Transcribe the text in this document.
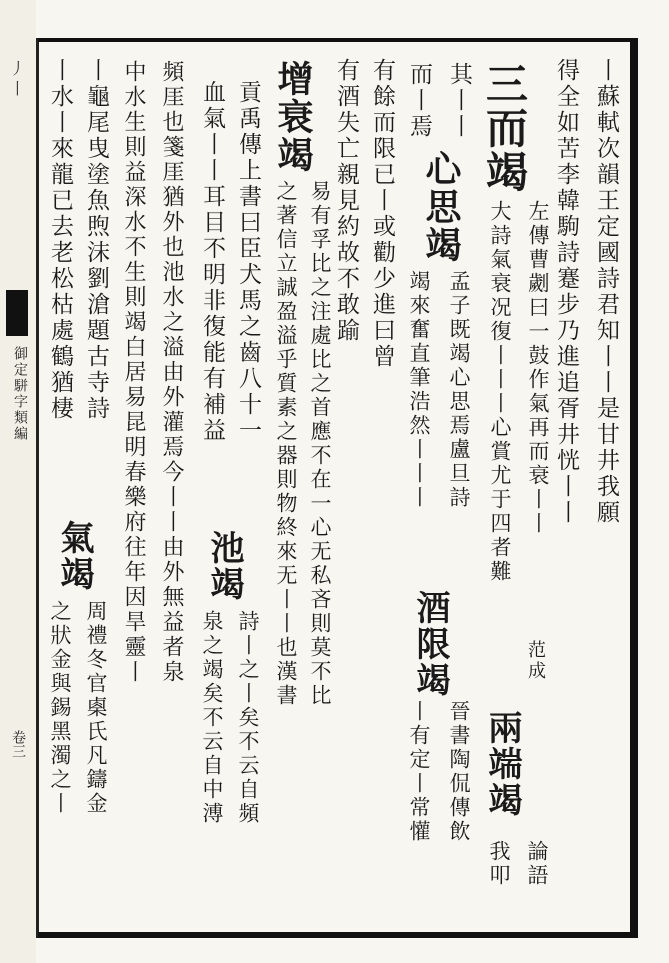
丿丨
御定駢字類編
卷三
丨蘇軾次韻王定國詩君知丨丨是甘井我願
得全如苦李韓駒詩蹇步乃進追胥井恍丨丨
三而竭
左傳曹劌曰一鼓作氣再而衰丨丨
范成
大詩氣衰况復丨丨丨心賞尤于四者難
兩端竭
論語
我叩
其丨丨
心思竭
孟子既竭心思焉盧旦詩
而丨焉
竭來奮直筆浩然丨丨丨
酒限竭
晉書陶侃傳飲
丨有定丨常懽
有餘而限已丨或勸少進曰曾
有酒失亡親見約故不敢踰
增衰竭
易有孚比之注處比之首應不在一心无私吝則莫不比
之著信立誠盈溢乎質素之器則物終來无丨丨也漢書
貢禹傳上書曰臣犬馬之齒八十一
池竭
詩丨之丨矣不云自頻
血氣丨丨耳目不明非復能有補益
泉之竭矣不云自中溥
頻厓也箋厓猶外也池水之溢由外灌焉今丨丨由外無益者泉
中水生則益深水不生則竭白居易昆明春樂府往年因旱靈丨
丨龜尾曳塗魚煦沫劉滄題古寺詩
氣竭
周禮冬官㮚氏凡鑄金
丨水丨來龍已去老松枯處鶴猶棲
之狀金與錫黑濁之丨
